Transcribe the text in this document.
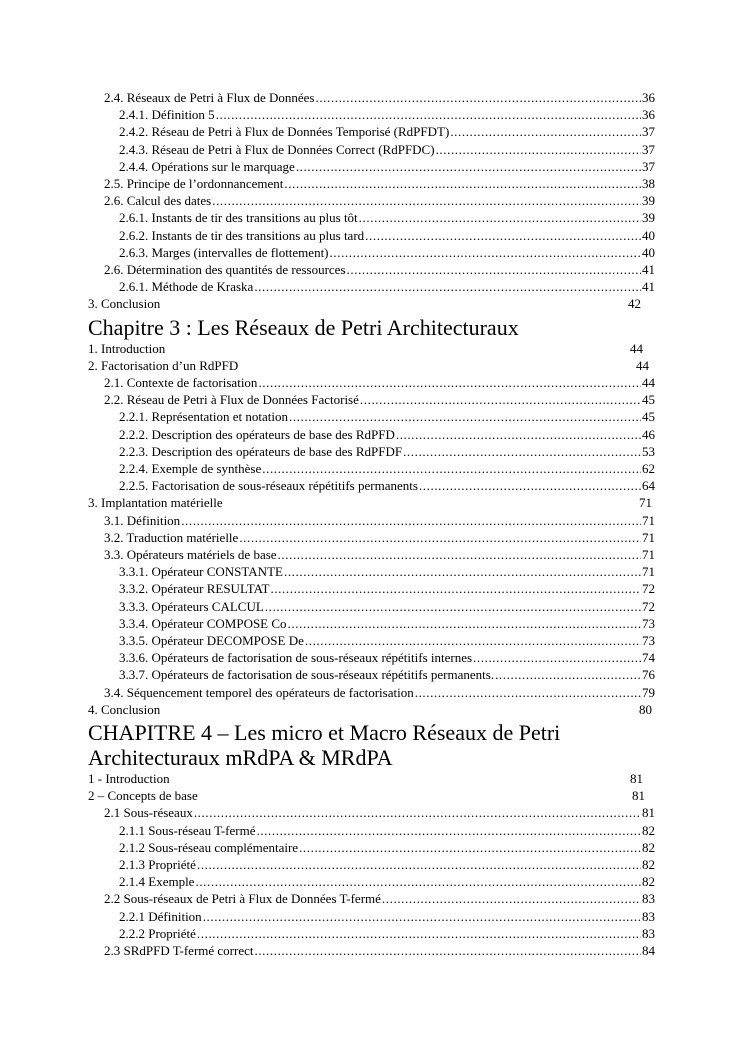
2.4. Réseaux de Petri à Flux de Données .....	36
2.4.1. Définition 5 .....	36
2.4.2. Réseau de Petri à Flux de Données Temporisé (RdPFDT) .....	37
2.4.3. Réseau de Petri à Flux de Données Correct (RdPFDC) .....	37
2.4.4. Opérations sur le marquage .....	37
2.5. Principe de l’ordonnancement .....	38
2.6. Calcul des dates .....	39
2.6.1. Instants de tir des transitions au plus tôt .....	39
2.6.2. Instants de tir des transitions au plus tard .....	40
2.6.3. Marges (intervalles de flottement) .....	40
2.6. Détermination des quantités de ressources .....	41
2.6.1. Méthode de Kraska .....	41
3. Conclusion	42
Chapitre 3 : Les Réseaux de Petri Architecturaux
1. Introduction	44
2. Factorisation d’un RdPFD	44
2.1. Contexte de factorisation .....	44
2.2. Réseau de Petri à Flux de Données Factorisé .....	45
2.2.1. Représentation et notation .....	45
2.2.2. Description des opérateurs de base des RdPFD .....	46
2.2.3. Description des opérateurs de base des RdPFDF .....	53
2.2.4. Exemple de synthèse .....	62
2.2.5. Factorisation de sous-réseaux répétitifs permanents .....	64
3. Implantation matérielle	71
3.1. Définition .....	71
3.2. Traduction matérielle .....	71
3.3. Opérateurs matériels de base .....	71
3.3.1. Opérateur CONSTANTE .....	71
3.3.2. Opérateur RESULTAT .....	72
3.3.3. Opérateurs CALCUL .....	72
3.3.4. Opérateur COMPOSE Co .....	73
3.3.5. Opérateur DECOMPOSE De .....	73
3.3.6. Opérateurs de factorisation de sous-réseaux répétitifs internes .....	74
3.3.7. Opérateurs de factorisation de sous-réseaux répétitifs permanents. .....	76
3.4. Séquencement temporel des opérateurs de factorisation .....	79
4. Conclusion	80
CHAPITRE 4 – Les micro et Macro Réseaux de Petri
Architecturaux mRdPA & MRdPA
1 - Introduction	81
2 – Concepts de base	81
2.1 Sous-réseaux .....	81
2.1.1 Sous-réseau T-fermé .....	82
2.1.2 Sous-réseau complémentaire .....	82
2.1.3 Propriété .....	82
2.1.4 Exemple .....	82
2.2 Sous-réseaux de Petri à Flux de Données T-fermé .....	83
2.2.1 Définition .....	83
2.2.2 Propriété .....	83
2.3 SRdPFD T-fermé correct .....	84
